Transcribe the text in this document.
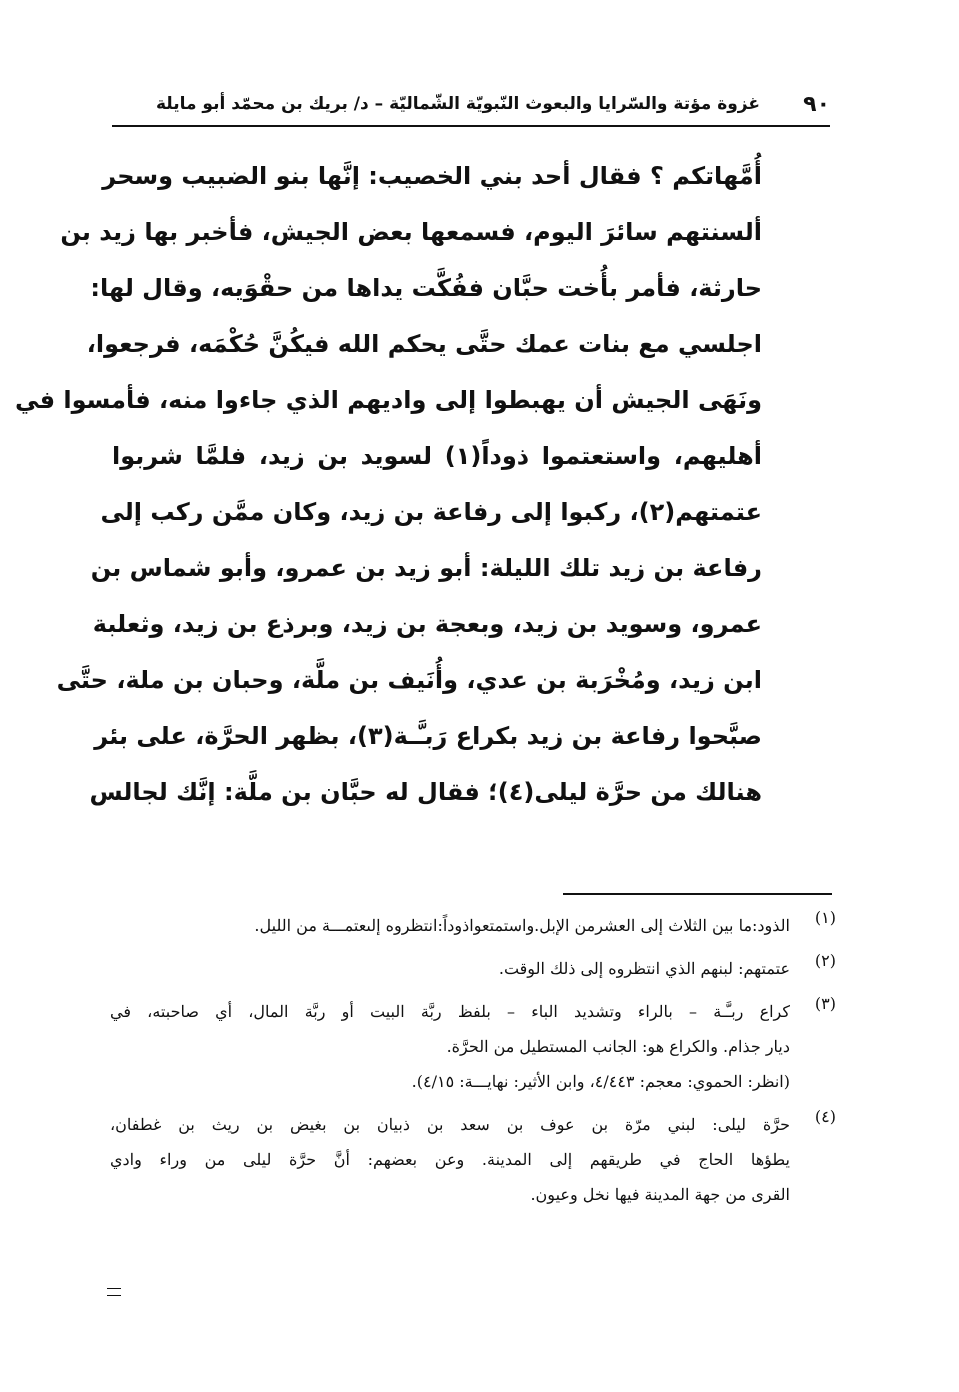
٩٠
غزوة مؤتة والسّرايا والبعوث النّبويّة الشّماليّة – د/ بريك بن محمّد أبو مايلة
أُمَّهاتكم ؟ فقال أحد بني الخصيب: إنَّها بنو الضبيب وسحر
ألسنتهم سائرَ اليوم، فسمعها بعض الجيش، فأخبر بها زيد بن
حارثة، فأمر بأُخت حبَّان ففُكَّت يداها من حقْوَيه، وقال لها:
اجلسي مع بنات عمك حتَّى يحكم الله فيكُنَّ حُكْمَه، فرجعوا،
ونَهَى الجيش أن يهبطوا إلى واديهم الذي جاءوا منه، فأمسوا في
أهليهم، واستعتموا ذوداً(١) لسويد بن زيد، فلمَّا شربوا
عتمتهم(٢)، ركبوا إلى رفاعة بن زيد، وكان ممَّن ركب إلى
رفاعة بن زيد تلك الليلة: أبو زيد بن عمرو، وأبو شماس بن
عمرو، وسويد بن زيد، وبعجة بن زيد، وبرذع بن زيد، وثعلبة
ابن زيد، ومُخْرَبة بن عدي، وأُنَيف بن ملَّة، وحبان بن ملة، حتَّى
صبَّحوا رفاعة بن زيد بكراع رَبـَّـة(٣)، بظهر الحرَّة، على بئر
هنالك من حرَّة ليلى(٤)؛ فقال له حبَّان بن ملَّة: إنَّك لجالس
(١)
الذود:ما بين الثلاث إلى العشرمن الإبل.واستمتعواذوداً:انتظروه إلىعتمـــة من الليل.
(٢)
عتمتهم: لبنهم الذي انتظروه إلى ذلك الوقت.
(٣)
كراع ربـَّـة – بالراء وتشديد الباء – بلفظ ربَّة البيت أو ربَّة المال، أي صاحبته، في
ديار جذام. والكراع هو: الجانب المستطيل من الحرَّة.
(انظر: الحموي: معجم: ٤/٤٤٣، وابن الأثير: نهايـــة: ٤/١٥).
(٤)
حرَّة ليلى: لبني مرّة بن عوف بن سعد بن ذبيان بن بغيض بن ريث بن غطفان،
يطؤها الحاج في طريقهم إلى المدينة. وعن بعضهم: أنَّ حرَّة ليلى من وراء وادي
القرى من جهة المدينة فيها نخل وعيون.
